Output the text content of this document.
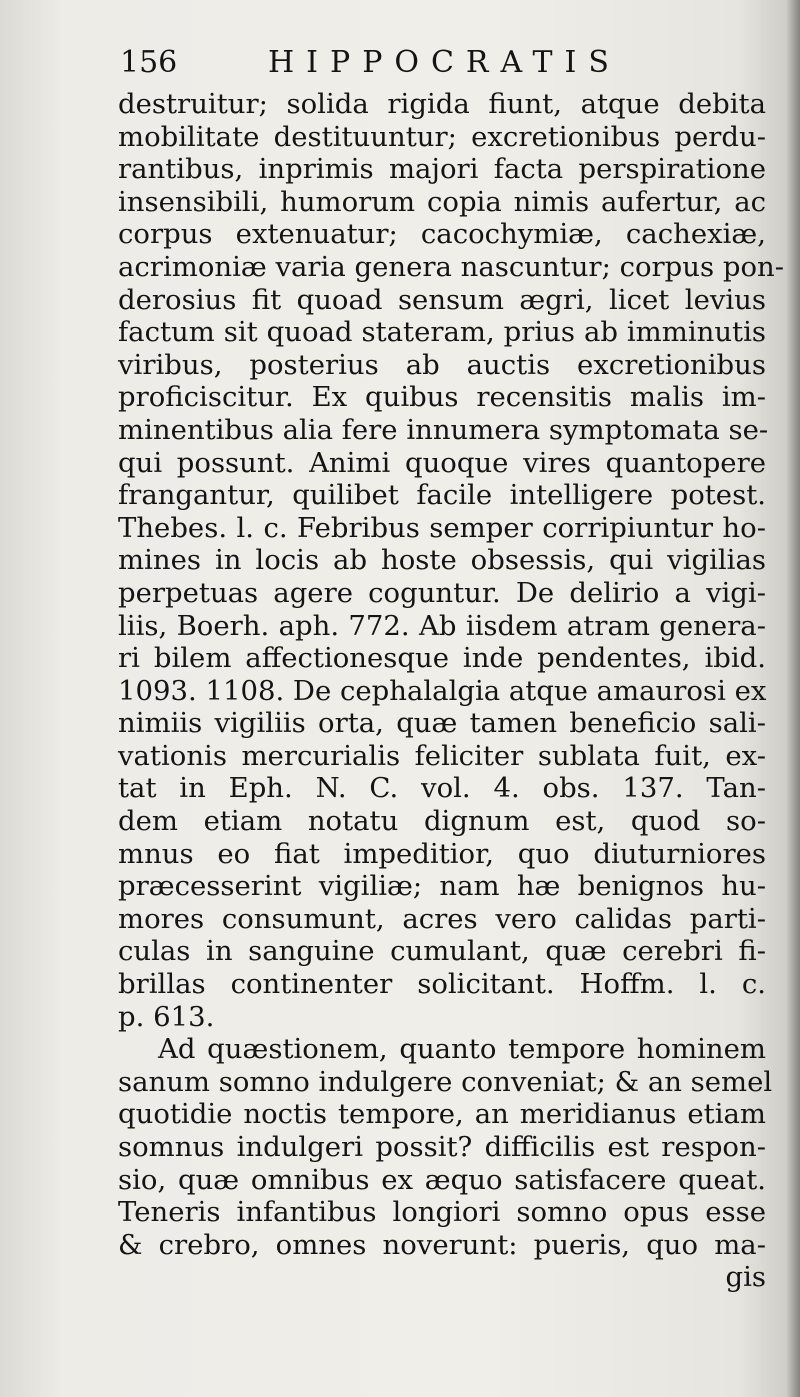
156	HIPPOCRATIS
destruitur; solida rigida fiunt, atque debita
mobilitate destituuntur; excretionibus perdu-
rantibus, inprimis majori facta perspiratione
insensibili, humorum copia nimis aufertur, ac
corpus extenuatur; cacochymiæ, cachexiæ,
acrimoniæ varia genera nascuntur; corpus pon-
derosius fit quoad sensum ægri, licet levius
factum sit quoad stateram, prius ab imminutis
viribus, posterius ab auctis excretionibus
proficiscitur. Ex quibus recensitis malis im-
minentibus alia fere innumera symptomata se-
qui possunt. Animi quoque vires quantopere
frangantur, quilibet facile intelligere potest.
Thebes. l. c. Febribus semper corripiuntur ho-
mines in locis ab hoste obsessis, qui vigilias
perpetuas agere coguntur. De delirio a vigi-
liis, Boerh. aph. 772. Ab iisdem atram genera-
ri bilem affectionesque inde pendentes, ibid.
1093. 1108. De cephalalgia atque amaurosi ex
nimiis vigiliis orta, quæ tamen beneficio sali-
vationis mercurialis feliciter sublata fuit, ex-
tat in Eph. N. C. vol. 4. obs. 137. Tan-
dem etiam notatu dignum est, quod so-
mnus eo fiat impeditior, quo diuturniores
præcesserint vigiliæ; nam hæ benignos hu-
mores consumunt, acres vero calidas parti-
culas in sanguine cumulant, quæ cerebri fi-
brillas continenter solicitant. Hoffm. l. c.
p. 613.
Ad quæstionem, quanto tempore hominem
sanum somno indulgere conveniat; & an semel
quotidie noctis tempore, an meridianus etiam
somnus indulgeri possit? difficilis est respon-
sio, quæ omnibus ex æquo satisfacere queat.
Teneris infantibus longiori somno opus esse
& crebro, omnes noverunt: pueris, quo ma-
gis
